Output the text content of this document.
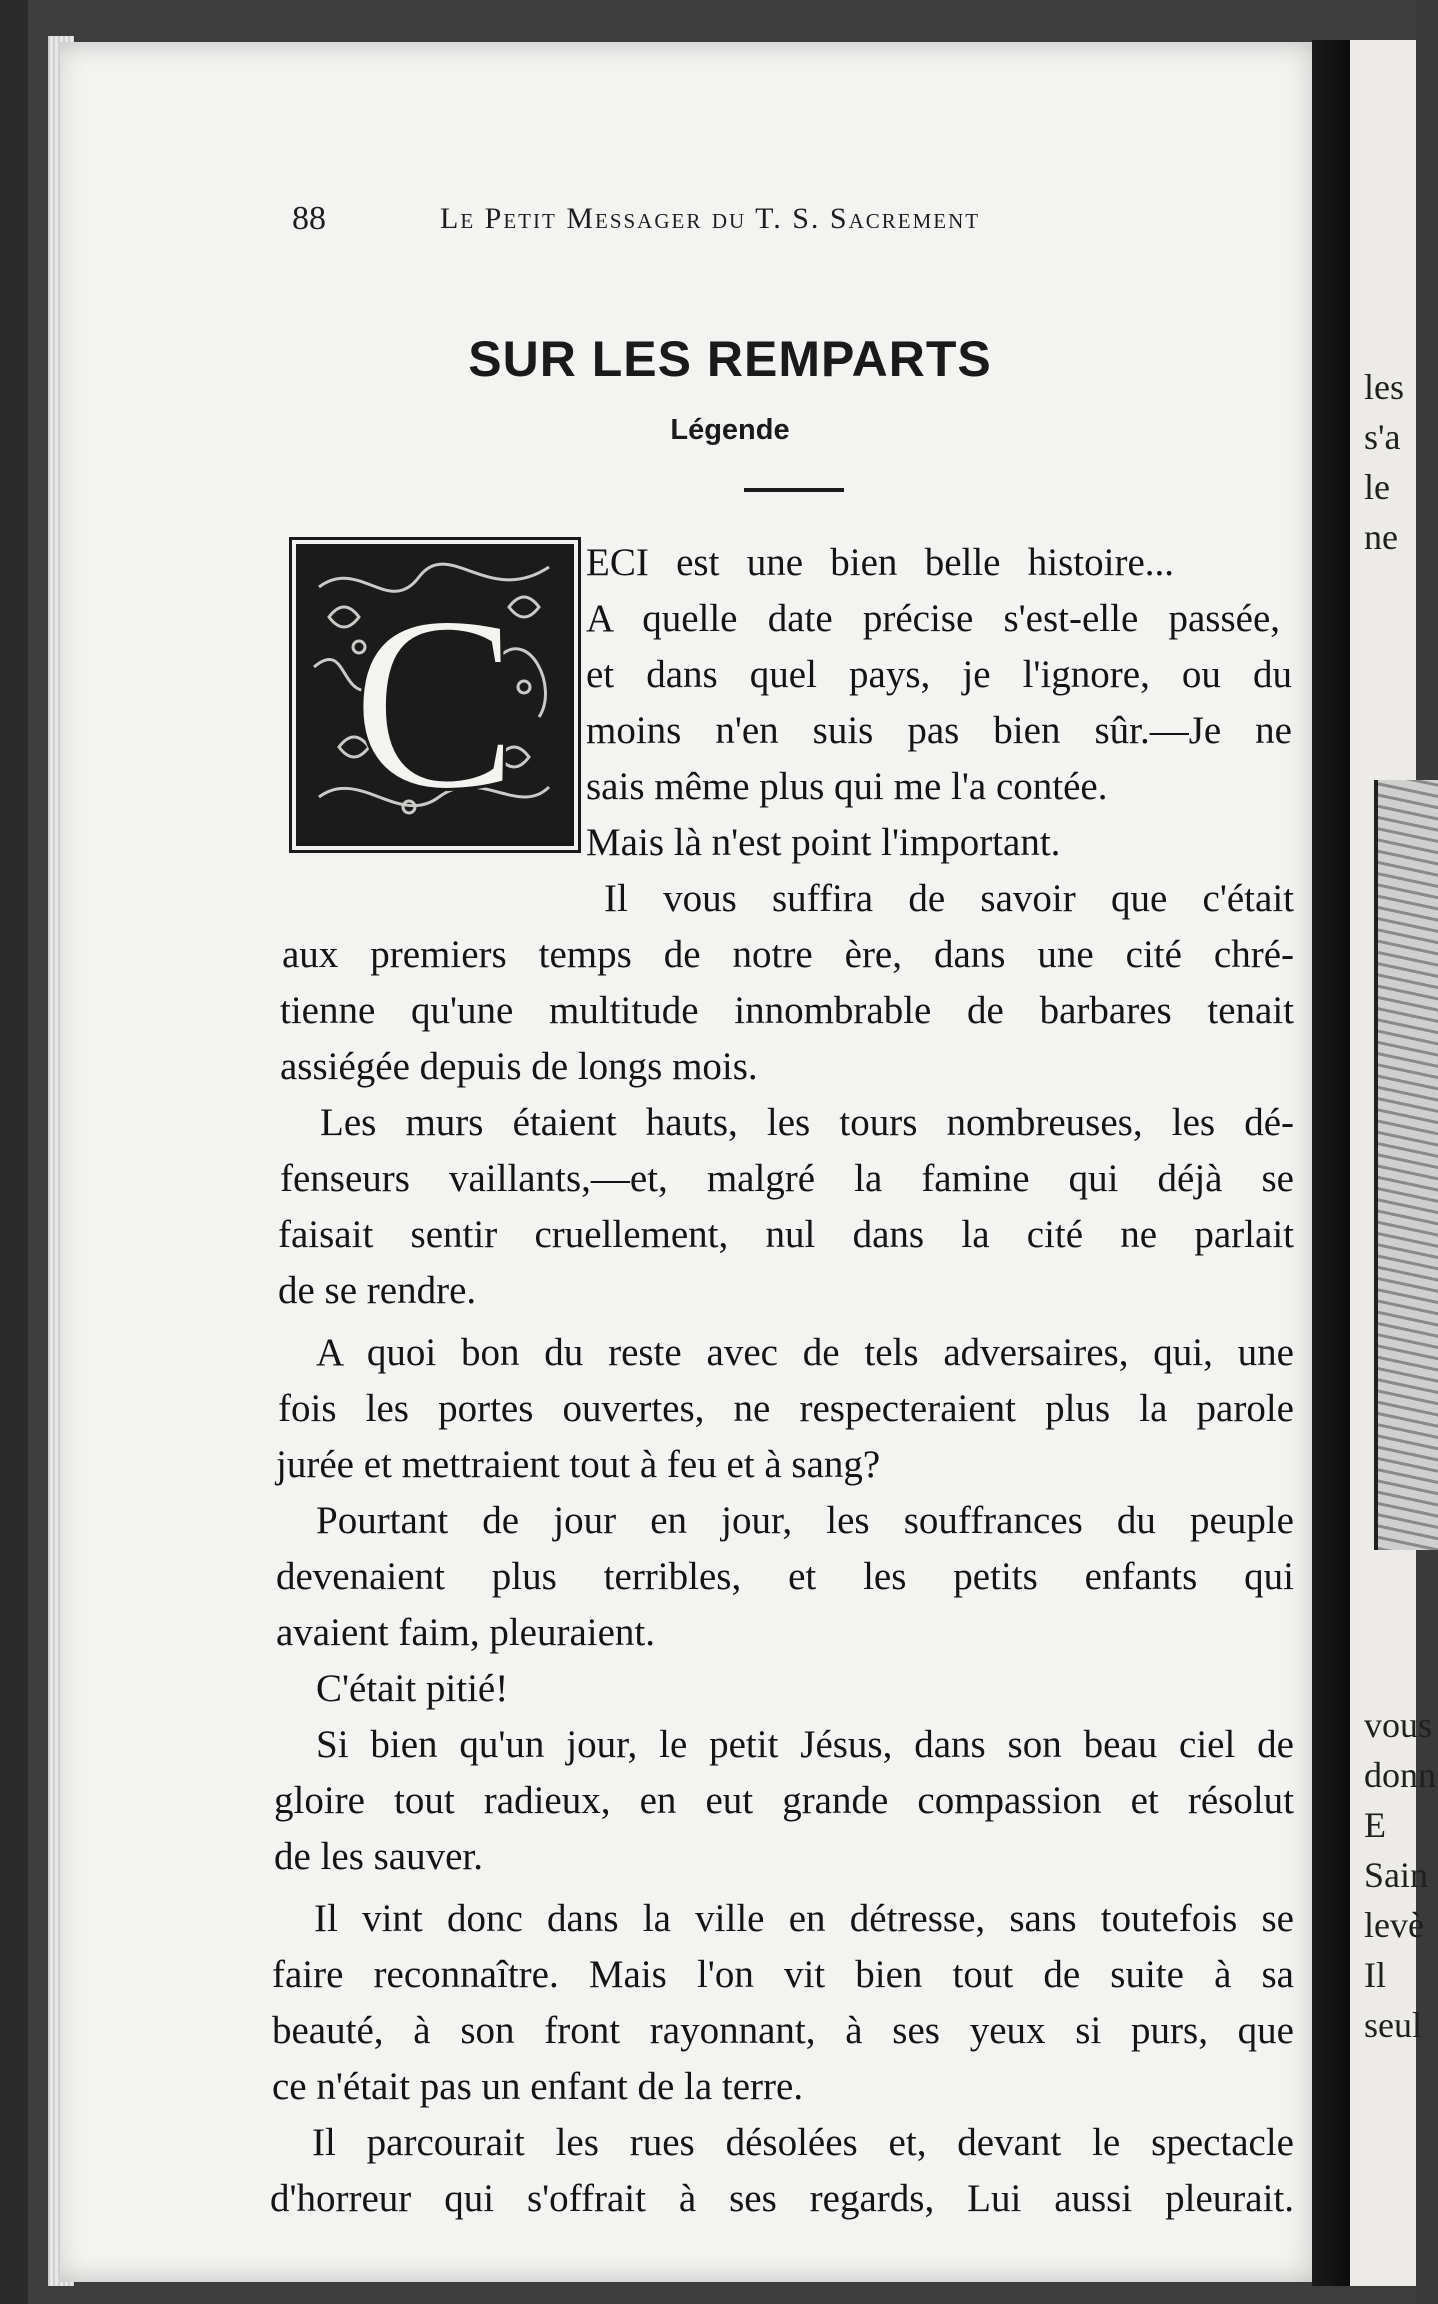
88	Le Petit Messager du T. S. Sacrement
SUR LES REMPARTS
Légende
C
ECI est une bien belle histoire...
A quelle date précise s'est-elle passée,
et dans quel pays, je l'ignore, ou du
moins n'en suis pas bien sûr.—Je ne
sais même plus qui me l'a contée.
Mais là n'est point l'important.
Il vous suffira de savoir que c'était
aux premiers temps de notre ère, dans une cité chré-
tienne qu'une multitude innombrable de barbares tenait
assiégée depuis de longs mois.
Les murs étaient hauts, les tours nombreuses, les dé-
fenseurs vaillants,—et, malgré la famine qui déjà se
faisait sentir cruellement, nul dans la cité ne parlait
de se rendre.
A quoi bon du reste avec de tels adversaires, qui, une
fois les portes ouvertes, ne respecteraient plus la parole
jurée et mettraient tout à feu et à sang?
Pourtant de jour en jour, les souffrances du peuple
devenaient plus terribles, et les petits enfants qui
avaient faim, pleuraient.
C'était pitié!
Si bien qu'un jour, le petit Jésus, dans son beau ciel de
gloire tout radieux, en eut grande compassion et résolut
de les sauver.
Il vint donc dans la ville en détresse, sans toutefois se
faire reconnaître. Mais l'on vit bien tout de suite à sa
beauté, à son front rayonnant, à ses yeux si purs, que
ce n'était pas un enfant de la terre.
Il parcourait les rues désolées et, devant le spectacle
d'horreur qui s'offrait à ses regards, Lui aussi pleurait.
les
s'a
le
ne
vous
donn
E
Sain
levè
Il
seul
